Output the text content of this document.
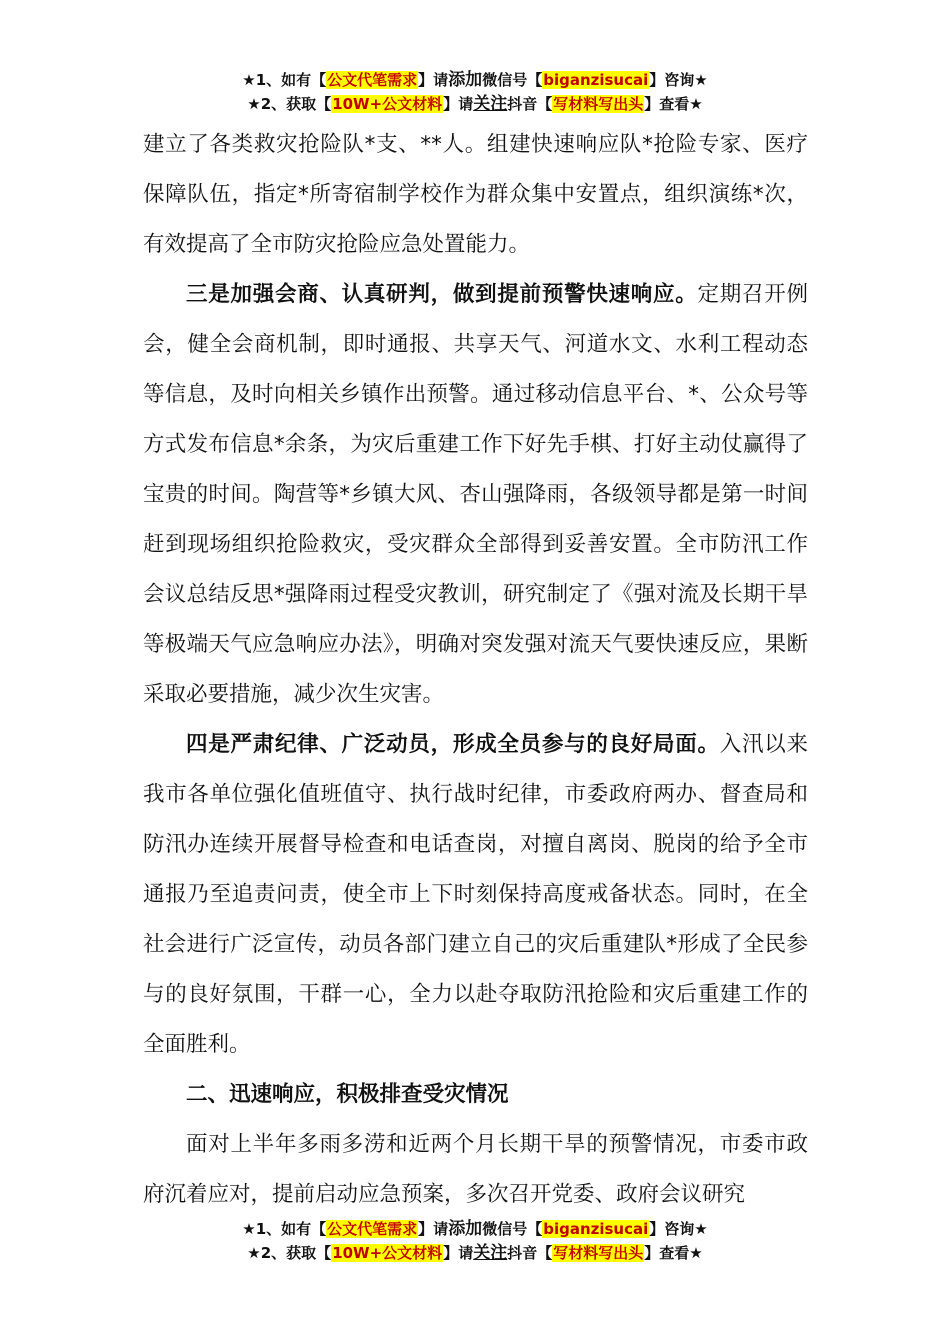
★1、如有【公文代笔需求】请添加微信号【biganzisucai】咨询★
★2、获取【10W+公文材料】请关注抖音【写材料写出头】查看★

建立了各类救灾抢险队*支、**人。组建快速响应队*抢险专家、医疗保障队伍，指定*所寄宿制学校作为群众集中安置点，组织演练*次，有效提高了全市防灾抢险应急处置能力。

三是加强会商、认真研判，做到提前预警快速响应。定期召开例会，健全会商机制，即时通报、共享天气、河道水文、水利工程动态等信息，及时向相关乡镇作出预警。通过移动信息平台、*、公众号等方式发布信息*余条，为灾后重建工作下好先手棋、打好主动仗赢得了宝贵的时间。陶营等*乡镇大风、杏山强降雨，各级领导都是第一时间赶到现场组织抢险救灾，受灾群众全部得到妥善安置。全市防汛工作会议总结反思*强降雨过程受灾教训，研究制定了《强对流及长期干旱等极端天气应急响应办法》，明确对突发强对流天气要快速反应，果断采取必要措施，减少次生灾害。

四是严肃纪律、广泛动员，形成全员参与的良好局面。入汛以来我市各单位强化值班值守、执行战时纪律，市委政府两办、督查局和防汛办连续开展督导检查和电话查岗，对擅自离岗、脱岗的给予全市通报乃至追责问责，使全市上下时刻保持高度戒备状态。同时，在全社会进行广泛宣传，动员各部门建立自己的灾后重建队*形成了全民参与的良好氛围，干群一心，全力以赴夺取防汛抢险和灾后重建工作的全面胜利。

二、迅速响应，积极排查受灾情况

面对上半年多雨多涝和近两个月长期干旱的预警情况，市委市政府沉着应对，提前启动应急预案，多次召开党委、政府会议研究

★1、如有【公文代笔需求】请添加微信号【biganzisucai】咨询★
★2、获取【10W+公文材料】请关注抖音【写材料写出头】查看★
